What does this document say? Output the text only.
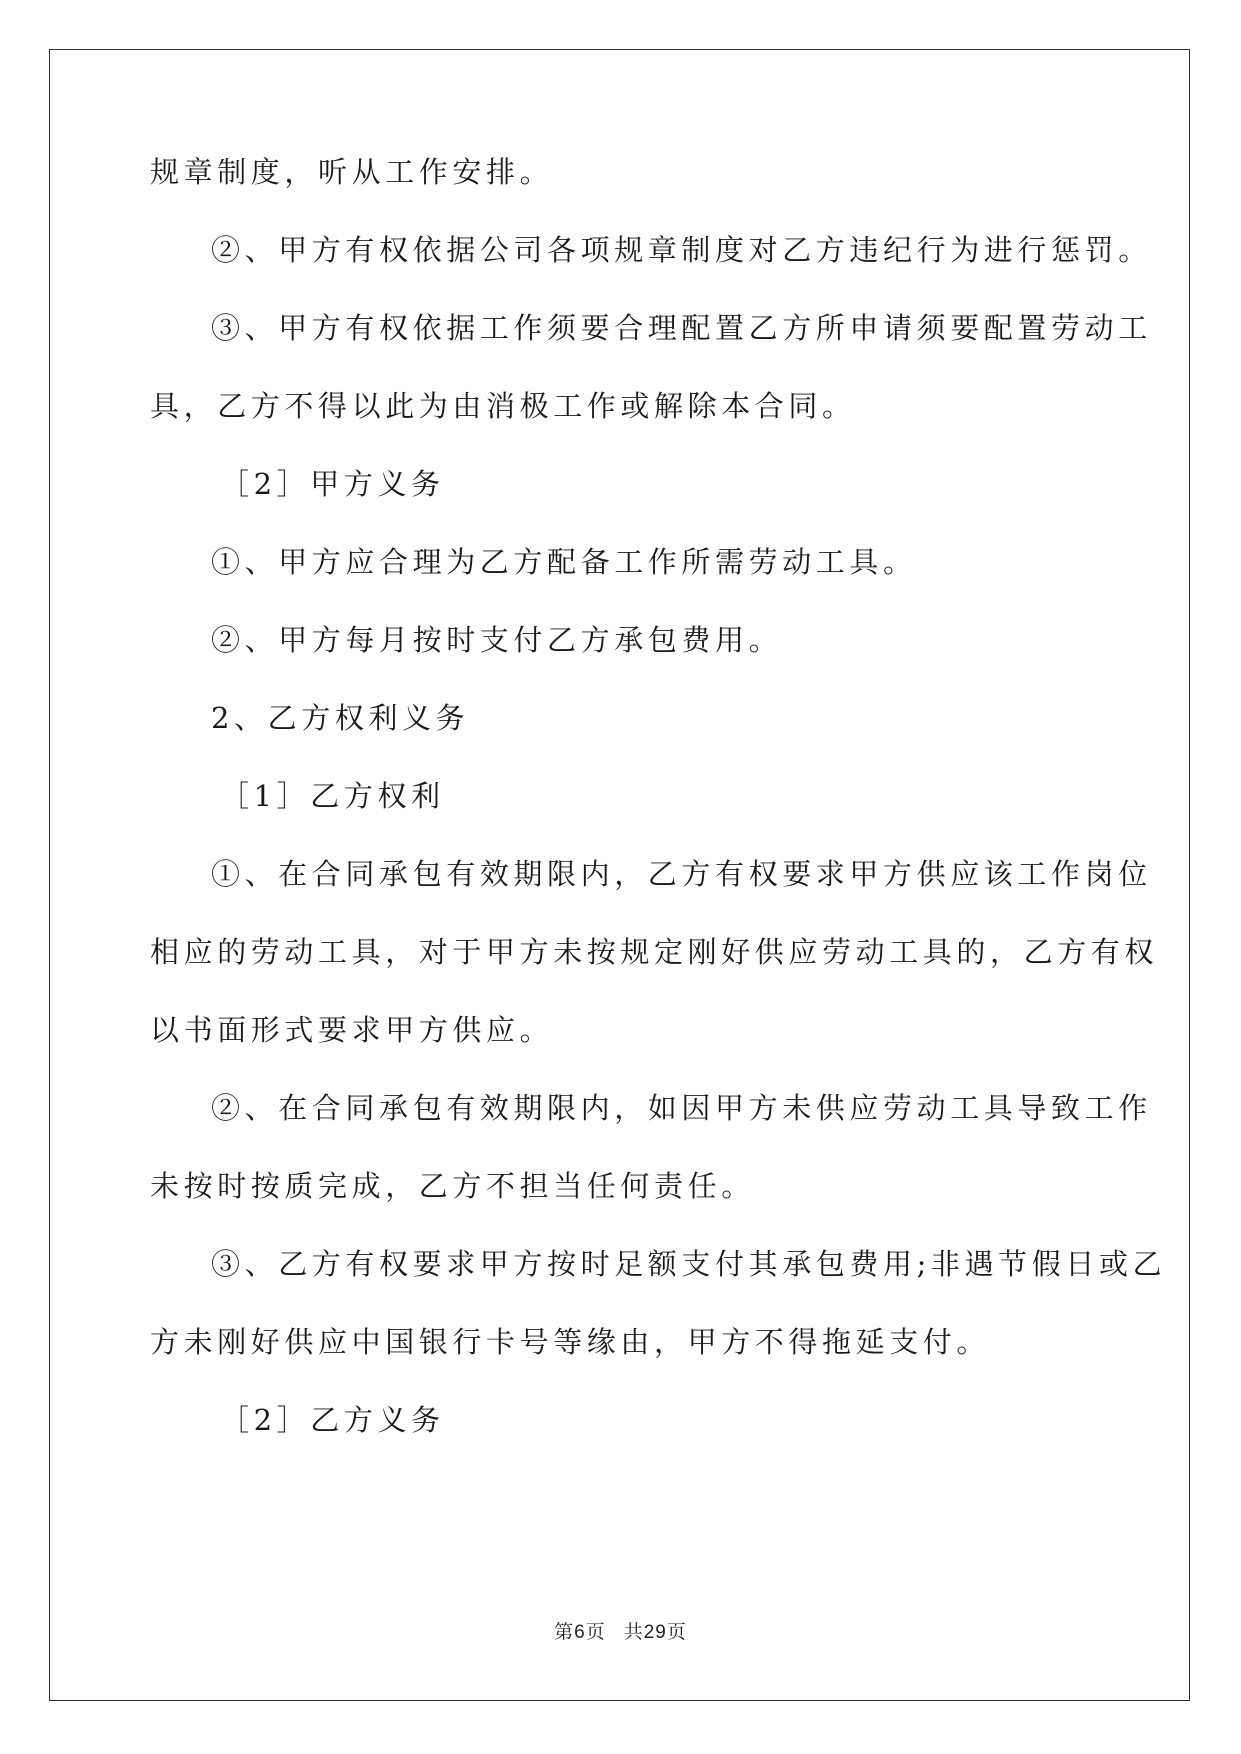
规章制度，听从工作安排。
②、甲方有权依据公司各项规章制度对乙方违纪行为进行惩罚。
③、甲方有权依据工作须要合理配置乙方所申请须要配置劳动工
具，乙方不得以此为由消极工作或解除本合同。
［2］甲方义务
①、甲方应合理为乙方配备工作所需劳动工具。
②、甲方每月按时支付乙方承包费用。
2、乙方权利义务
［1］乙方权利
①、在合同承包有效期限内，乙方有权要求甲方供应该工作岗位
相应的劳动工具，对于甲方未按规定刚好供应劳动工具的，乙方有权
以书面形式要求甲方供应。
②、在合同承包有效期限内，如因甲方未供应劳动工具导致工作
未按时按质完成，乙方不担当任何责任。
③、乙方有权要求甲方按时足额支付其承包费用;非遇节假日或乙
方未刚好供应中国银行卡号等缘由，甲方不得拖延支付。
［2］乙方义务
第6页 共29页
